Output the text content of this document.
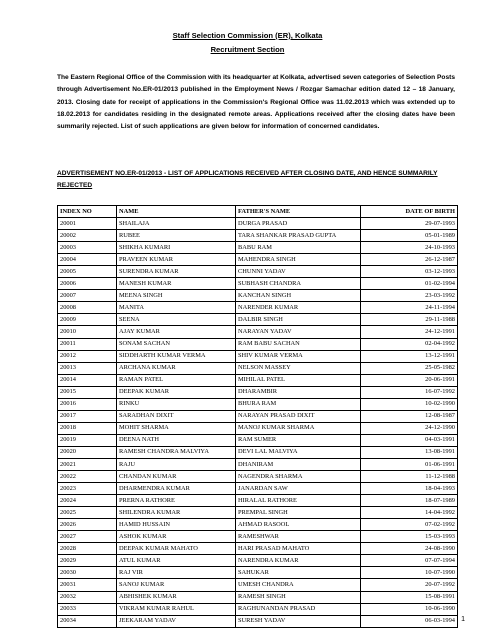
Staff Selection Commission (ER), Kolkata
Recruitment Section
The Eastern Regional Office of the Commission with its headquarter at Kolkata, advertised seven categories of Selection Posts through Advertisement No.ER-01/2013 published in the Employment News / Rozgar Samachar edition dated 12 – 18 January, 2013. Closing date for receipt of applications in the Commission's Regional Office was 11.02.2013 which was extended up to 18.02.2013 for candidates residing in the designated remote areas. Applications received after the closing dates have been summarily rejected. List of such applications are given below for information of concerned candidates.
ADVERTISEMENT NO.ER-01/2013 - LIST OF APPLICATIONS RECEIVED AFTER CLOSING DATE, AND HENCE SUMMARILY REJECTED
INDEX NO	NAME	FATHER'S NAME	DATE OF BIRTH
20001	SHAILAJA	DURGA PRASAD	29-07-1993
20002	RUBEE	TARA SHANKAR PRASAD GUPTA	05-01-1989
20003	SHIKHA KUMARI	BABU RAM	24-10-1993
20004	PRAVEEN KUMAR	MAHENDRA SINGH	26-12-1987
20005	SURENDRA KUMAR	CHUNNI YADAV	03-12-1993
20006	MANESH KUMAR	SUBHASH CHANDRA	01-02-1994
20007	MEENA SINGH	KANCHAN SINGH	23-03-1992
20008	MANITA	NARENDER KUMAR	24-11-1994
20009	SEENA	DALBIR SINGH	29-11-1988
20010	AJAY KUMAR	NARAYAN YADAV	24-12-1991
20011	SONAM SACHAN	RAM BABU SACHAN	02-04-1992
20012	SIDDHARTH KUMAR VERMA	SHIV KUMAR VERMA	13-12-1991
20013	ARCHANA KUMAR	NELSON MASSEY	25-05-1982
20014	RAMAN PATEL	MIHILAL PATEL	20-06-1991
20015	DEEPAK KUMAR	DHARAMBIR	16-07-1992
20016	RINKU	BHURA RAM	10-02-1990
20017	SARADHAN DIXIT	NARAYAN PRASAD DIXIT	12-08-1987
20018	MOHIT SHARMA	MANOJ KUMAR SHARMA	24-12-1990
20019	DEENA NATH	RAM SUMER	04-03-1991
20020	RAMESH CHANDRA MALVIYA	DEVI LAL MALVIYA	13-08-1991
20021	RAJU	DHANIRAM	01-06-1991
20022	CHANDAN KUMAR	NAGENDRA SHARMA	11-12-1988
20023	DHARMENDRA KUMAR	JANARDAN SAW	18-04-1993
20024	PRERNA RATHORE	HIRALAL RATHORE	18-07-1989
20025	SHILENDRA KUMAR	PREMPAL SINGH	14-04-1992
20026	HAMID HUSSAIN	AHMAD RASOOL	07-02-1992
20027	ASHOK KUMAR	RAMESHWAR	15-03-1993
20028	DEEPAK KUMAR MAHATO	HARI PRASAD MAHATO	24-08-1990
20029	ATUL KUMAR	NARENDRA KUMAR	07-07-1994
20030	RAJ VIR	SAHUKAR	10-07-1990
20031	SANOJ KUMAR	UMESH CHANDRA	20-07-1992
20032	ABHISHEK KUMAR	RAMESH SINGH	15-08-1991
20033	VIKRAM KUMAR RAHUL	RAGHUNANDAN PRASAD	10-06-1990
20034	JEEKARAM YADAV	SURESH YADAV	06-03-1994 1
